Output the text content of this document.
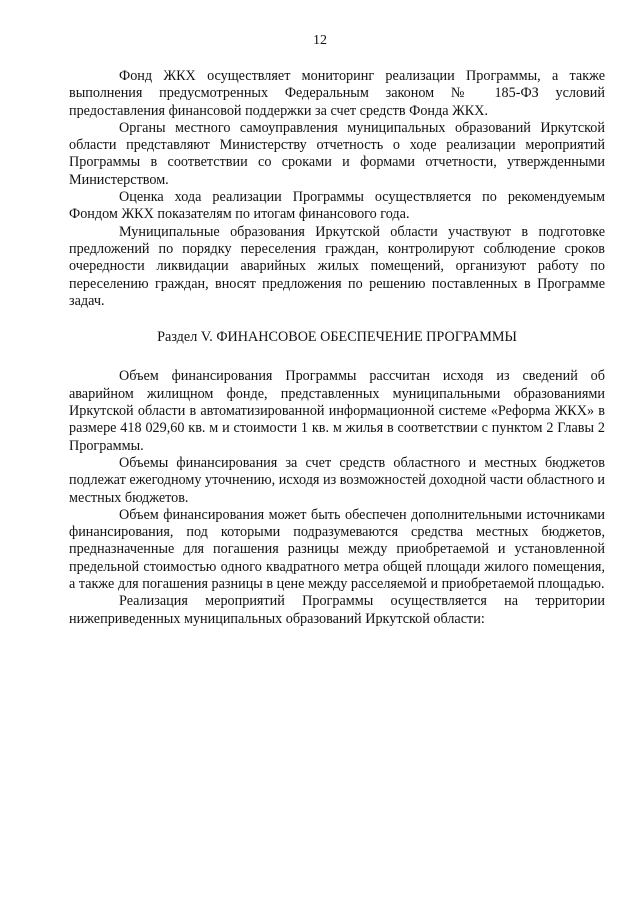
12

Фонд ЖКХ осуществляет мониторинг реализации Программы, а также выполнения предусмотренных Федеральным законом № 185-ФЗ условий предоставления финансовой поддержки за счет средств Фонда ЖКХ.

Органы местного самоуправления муниципальных образований Иркутской области представляют Министерству отчетность о ходе реализации мероприятий Программы в соответствии со сроками и формами отчетности, утвержденными Министерством.

Оценка хода реализации Программы осуществляется по рекомендуемым Фондом ЖКХ показателям по итогам финансового года.

Муниципальные образования Иркутской области участвуют в подготовке предложений по порядку переселения граждан, контролируют соблюдение сроков очередности ликвидации аварийных жилых помещений, организуют работу по переселению граждан, вносят предложения по решению поставленных в Программе задач.

Раздел V. ФИНАНСОВОЕ ОБЕСПЕЧЕНИЕ ПРОГРАММЫ

Объем финансирования Программы рассчитан исходя из сведений об аварийном жилищном фонде, представленных муниципальными образованиями Иркутской области в автоматизированной информационной системе «Реформа ЖКХ» в размере 418 029,60 кв. м и стоимости 1 кв. м жилья в соответствии с пунктом 2 Главы 2 Программы.

Объемы финансирования за счет средств областного и местных бюджетов подлежат ежегодному уточнению, исходя из возможностей доходной части областного и местных бюджетов.

Объем финансирования может быть обеспечен дополнительными источниками финансирования, под которыми подразумеваются средства местных бюджетов, предназначенные для погашения разницы между приобретаемой и установленной предельной стоимостью одного квадратного метра общей площади жилого помещения, а также для погашения разницы в цене между расселяемой и приобретаемой площадью.

Реализация мероприятий Программы осуществляется на территории нижеприведенных муниципальных образований Иркутской области:
